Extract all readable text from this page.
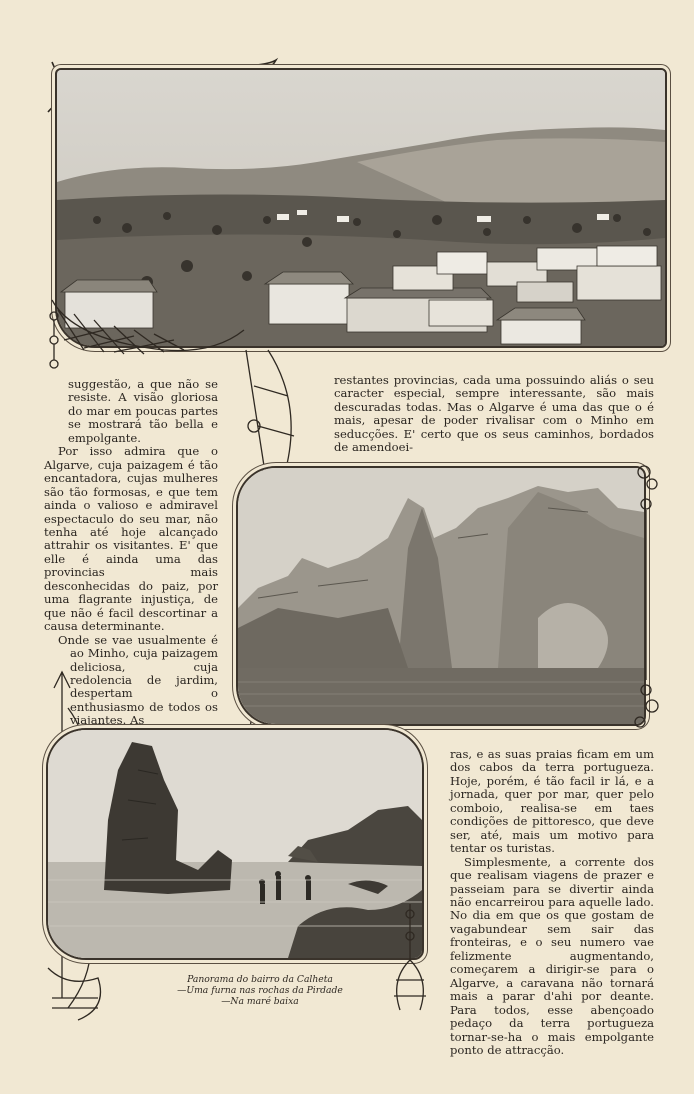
suggestão, a que não se resiste. A visão gloriosa do mar em poucas partes se mostrará tão bella e empolgante.

Por isso admira que o Algarve, cuja paizagem é tão encantadora, cujas mulheres são tão formosas, e que tem ainda o valioso e admiravel espectaculo do seu mar, não tenha até hoje alcançado attrahir os visitantes. E' que elle é ainda uma das provincias mais desconhecidas do paiz, por uma flagrante injustiça, de que não é facil descortinar a causa determinante.

Onde se vae usualmente é ao Minho, cuja paizagem deliciosa, cuja redolencia de jardim, despertam o enthusiasmo de todos os viajantes. As

restantes provincias, cada uma possuindo aliás o seu caracter especial, sempre interessante, são mais descuradas todas. Mas o Algarve é uma das que o é mais, apesar de poder rivalisar com o Minho em seducções. E' certo que os seus caminhos, bordados de amendoei-

Panorama do bairro da Calheta
—Uma furna nas rochas da Pirdade
—Na maré baixa

ras, e as suas praias ficam em um dos cabos da terra portugueza. Hoje, porém, é tão facil ir lá, e a jornada, quer por mar, quer pelo comboio, realisa-se em taes condições de pittoresco, que deve ser, até, mais um motivo para tentar os turistas.

Simplesmente, a corrente dos que realisam viagens de prazer e passeiam para se divertir ainda não encarreirou para aquelle lado. No dia em que os que gostam de vagabundear sem sair das fronteiras, e o seu numero vae felizmente augmentando, começarem a dirigir-se para o Algarve, a caravana não tornará mais a parar d'ahi por deante. Para todos, esse abençoado pedaço da terra portugueza tornar-se-ha o mais empolgante ponto de attracção.
